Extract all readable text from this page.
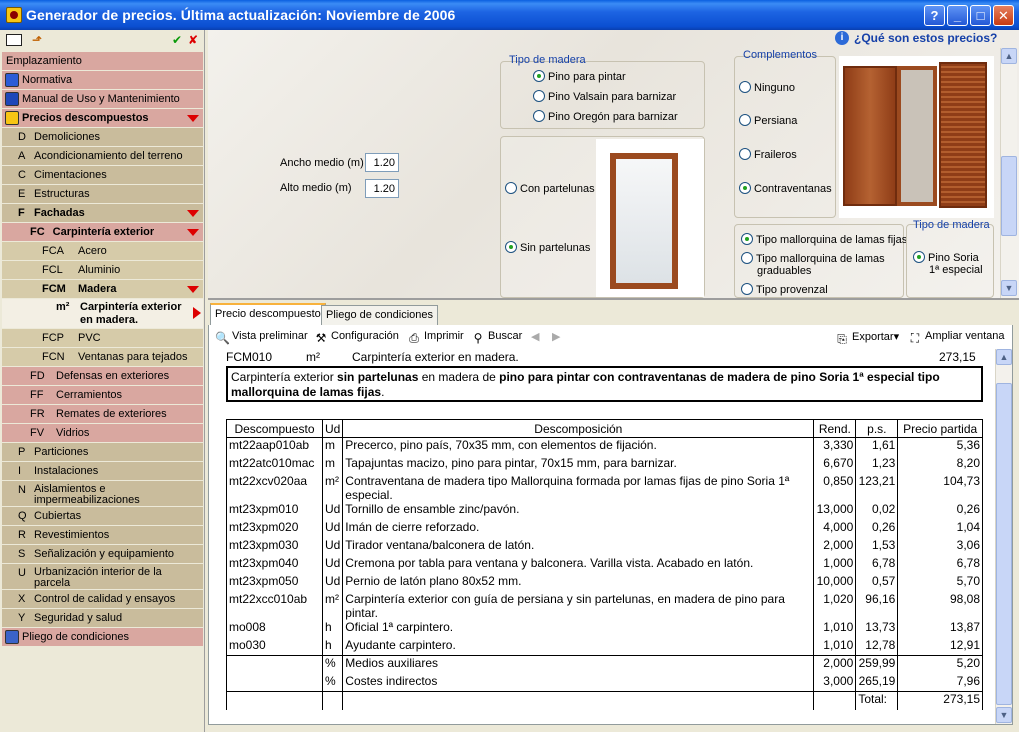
Generador de precios. Última actualización: Noviembre de 2006	?	_	□	✕
⬏	✔ ✘
Emplazamiento
Normativa
Manual de Uso y Mantenimiento
Precios descompuestos
D Demoliciones
A Acondicionamiento del terreno
C Cimentaciones
E Estructuras
F Fachadas
FC Carpintería exterior
FCA Acero
FCL Aluminio
FCM Madera
m² Carpintería exterior
en madera.
FCP PVC
FCN Ventanas para tejados
FD Defensas en exteriores
FF Cerramientos
FR Remates de exteriores
FV Vidrios
P Particiones
I Instalaciones
N Aislamientos e
impermeabilizaciones
Q Cubiertas
R Revestimientos
S Señalización y equipamiento
U Urbanización interior de la
parcela
X Control de calidad y ensayos
Y Seguridad y salud
Pliego de condiciones
i ¿Qué son estos precios?
Ancho medio (m)
1.20
Alto medio (m)
1.20
Tipo de madera
Pino para pintar
Pino Valsain para barnizar
Pino Oregón para barnizar
Con partelunas
Sin partelunas
Complementos
Ninguno
Persiana
Fraileros
Contraventanas
Tipo mallorquina de lamas fijas
Tipo mallorquina de lamas
graduables
Tipo provenzal
Tipo de madera
Pino Soria
1ª especial
▲
▼
Precio descompuesto Pliego de condiciones
🔍 Vista preliminar ⚒ Configuración ⎙ Imprimir ⚲ Buscar ◀ ▶	⎘ Exportar▾ ⛶ Ampliar ventana
FCM010	m²	Carpintería exterior en madera.	273,15
Carpintería exterior sin partelunas en madera de pino para pintar con contraventanas de madera de pino Soria 1ª especial tipo mallorquina de lamas fijas.
Descompuesto	Ud	Descomposición	Rend.	p.s.	Precio partida
mt22aap010ab	m	Precerco, pino país, 70x35 mm, con elementos de fijación.	3,330	1,61	5,36
mt22atc010mac	m	Tapajuntas macizo, pino para pintar, 70x15 mm, para barnizar.	6,670	1,23	8,20
mt22xcv020aa	m²	Contraventana de madera tipo Mallorquina formada por lamas fijas de pino Soria 1ª especial.	0,850	123,21	104,73
mt23xpm010	Ud	Tornillo de ensamble zinc/pavón.	13,000	0,02	0,26
mt23xpm020	Ud	Imán de cierre reforzado.	4,000	0,26	1,04
mt23xpm030	Ud	Tirador ventana/balconera de latón.	2,000	1,53	3,06
mt23xpm040	Ud	Cremona por tabla para ventana y balconera. Varilla vista. Acabado en latón.	1,000	6,78	6,78
mt23xpm050	Ud	Pernio de latón plano 80x52 mm.	10,000	0,57	5,70
mt22xcc010ab	m²	Carpintería exterior con guía de persiana y sin partelunas, en madera de pino para pintar.	1,020	96,16	98,08
mo008	h	Oficial 1ª carpintero.	1,010	13,73	13,87
mo030	h	Ayudante carpintero.	1,010	12,78	12,91
	%	Medios auxiliares	2,000	259,99	5,20
	%	Costes indirectos	3,000	265,19	7,96
				Total:	273,15
▲
▼
